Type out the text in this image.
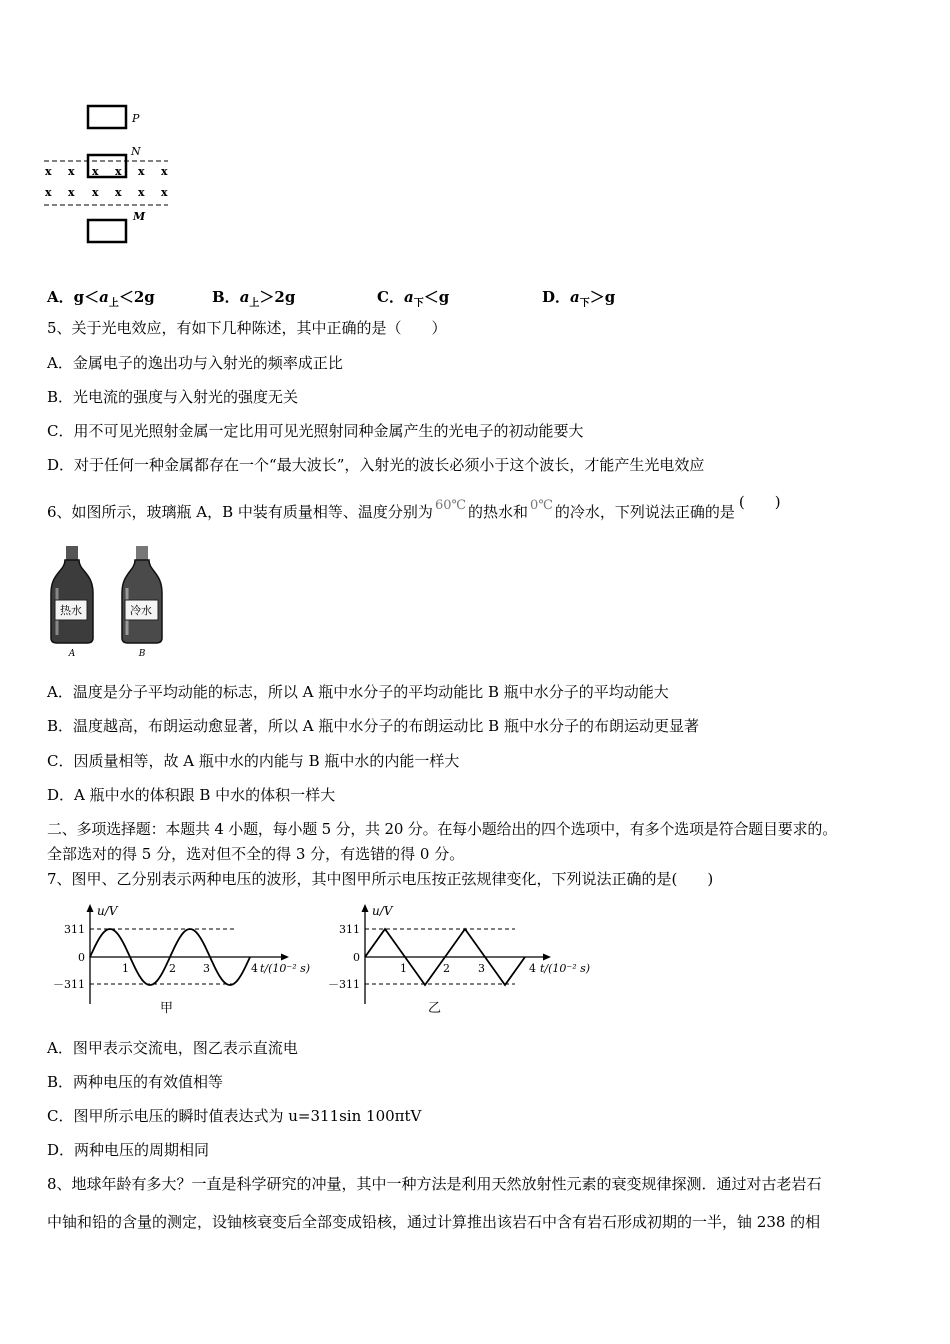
P
N
x x x x x x
x x x x x x
M
A．$g<a_上<2g$	B．$a_上>2g$	C．$a_下<g$	D．$a_下>g$
5、关于光电效应，有如下几种陈述，其中正确的是（　　）
A．金属电子的逸出功与入射光的频率成正比
B．光电流的强度与入射光的强度无关
C．用不可见光照射金属一定比用可见光照射同种金属产生的光电子的初动能要大
D．对于任何一种金属都存在一个“最大波长”，入射光的波长必须小于这个波长，才能产生光电效应
6、如图所示，玻璃瓶 A，B 中装有质量相等、温度分别为 60℃ 的热水和 0℃ 的冷水，下列说法正确的是(　　)
热水
A
冷水
B
A．温度是分子平均动能的标志，所以 A 瓶中水分子的平均动能比 B 瓶中水分子的平均动能大
B．温度越高，布朗运动愈显著，所以 A 瓶中水分子的布朗运动比 B 瓶中水分子的布朗运动更显著
C．因质量相等，故 A 瓶中水的内能与 B 瓶中水的内能一样大
D．A 瓶中水的体积跟 B 中水的体积一样大
二、多项选择题：本题共 4 小题，每小题 5 分，共 20 分。在每小题给出的四个选项中，有多个选项是符合题目要求的。
全部选对的得 5 分，选对但不全的得 3 分，有选错的得 0 分。
7、图甲、乙分别表示两种电压的波形，其中图甲所示电压按正弦规律变化，下列说法正确的是(　　)
u/V
311
0
－311
1	2 3	4 t/(10⁻² s)
甲
u/V
311
0
－311
1	2	3	4 t/(10⁻² s)
乙
A．图甲表示交流电，图乙表示直流电
B．两种电压的有效值相等
C．图甲所示电压的瞬时值表达式为 u=311sin 100πtV
D．两种电压的周期相同
8、地球年龄有多大？一直是科学研究的冲量，其中一种方法是利用天然放射性元素的衰变规律探测．通过对古老岩石
中铀和铅的含量的测定，设铀核衰变后全部变成铅核，通过计算推出该岩石中含有岩石形成初期的一半，铀 238 的相
